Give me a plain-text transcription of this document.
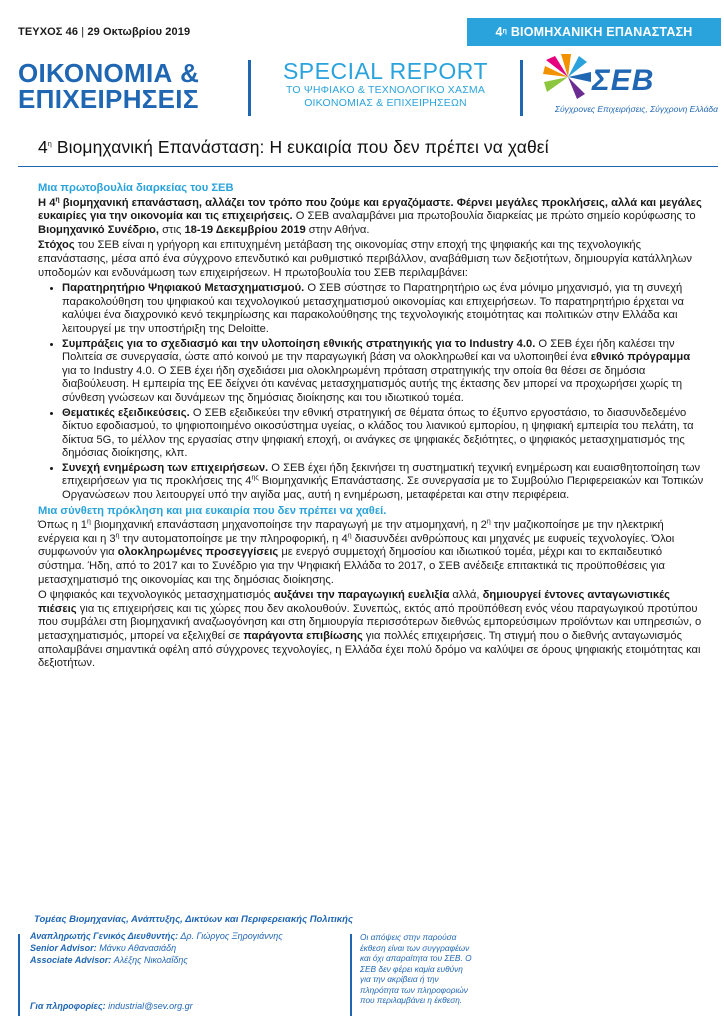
ΤΕΥΧΟΣ 46 | 29 Οκτωβρίου 2019	4 η
ΒΙΟΜΗΧΑΝΙΚΗ ΕΠΑΝΑΣΤΑΣΗ
ΟΙΚΟΝΟΜΙΑ &
ΕΠΙΧΕΙΡΗΣΕΙΣ
SPECIAL REPORT
ΤΟ ΨΗΦΙΑΚΟ & ΤΕΧΝΟΛΟΓΙΚΟ ΧΑΣΜΑ
ΟΙΚΟΝΟΜΙΑΣ & ΕΠΙΧΕΙΡΗΣΕΩΝ
ΣΕΒ
Σύγχρονες Επιχειρήσεις, Σύγχρονη Ελλάδα
$4^\eta$ Βιομηχανική Επανάσταση: Η ευκαιρία που δεν πρέπει να χαθεί
Μια πρωτοβουλία διαρκείας του ΣΕΒ

Η $4^\eta$ βιομηχανική επανάσταση, αλλάζει τον τρόπο που ζούμε και εργαζόμαστε. Φέρνει μεγάλες προκλήσεις, αλλά και μεγάλες ευκαιρίες για την οικονομία και τις επιχειρήσεις. Ο ΣΕΒ αναλαμβάνει μια πρωτοβουλία διαρκείας με πρώτο σημείο κορύφωσης το Βιομηχανικό Συνέδριο, στις 18-19 Δεκεμβρίου 2019 στην Αθήνα.

Στόχος του ΣΕΒ είναι η γρήγορη και επιτυχημένη μετάβαση της οικονομίας στην εποχή της ψηφιακής και της τεχνολογικής επανάστασης, μέσα από ένα σύγχρονο επενδυτικό και ρυθμιστικό περιβάλλον, αναβάθμιση των δεξιοτήτων, δημιουργία κατάλληλων υποδομών και ενδυνάμωση των επιχειρήσεων. Η πρωτοβουλία του ΣΕΒ περιλαμβάνει:

• Παρατηρητήριο Ψηφιακού Μετασχηματισμού. Ο ΣΕΒ σύστησε το Παρατηρητήριο ως ένα μόνιμο μηχανισμό, για τη συνεχή παρακολούθηση του ψηφιακού και τεχνολογικού μετασχηματισμού οικονομίας και επιχειρήσεων. Το παρατηρητήριο έρχεται να καλύψει ένα διαχρονικό κενό τεκμηρίωσης και παρακολούθησης της τεχνολογικής ετοιμότητας και πολιτικών στην Ελλάδα και λειτουργεί με την υποστήριξη της Deloitte.
• Συμπράξεις για το σχεδιασμό και την υλοποίηση εθνικής στρατηγικής για το Industry 4.0. Ο ΣΕΒ έχει ήδη καλέσει την Πολιτεία σε συνεργασία, ώστε από κοινού με την παραγωγική βάση να ολοκληρωθεί και να υλοποιηθεί ένα εθνικό πρόγραμμα για το Industry 4.0. Ο ΣΕΒ έχει ήδη σχεδιάσει μια ολοκληρωμένη πρόταση στρατηγικής την οποία θα θέσει σε δημόσια διαβούλευση. Η εμπειρία της ΕΕ δείχνει ότι κανένας μετασχηματισμός αυτής της έκτασης δεν μπορεί να προχωρήσει χωρίς τη σύνθεση γνώσεων και δυνάμεων της δημόσιας διοίκησης και του ιδιωτικού τομέα.
• Θεματικές εξειδικεύσεις. Ο ΣΕΒ εξειδικεύει την εθνική στρατηγική σε θέματα όπως το έξυπνο εργοστάσιο, το διασυνδεδεμένο δίκτυο εφοδιασμού, το ψηφιοποιημένο οικοσύστημα υγείας, ο κλάδος του λιανικού εμπορίου, η ψηφιακή εμπειρία του πελάτη, τα δίκτυα 5G, το μέλλον της εργασίας στην ψηφιακή εποχή, οι ανάγκες σε ψηφιακές δεξιότητες, ο ψηφιακός μετασχηματισμός της δημόσιας διοίκησης, κλπ.
• Συνεχή ενημέρωση των επιχειρήσεων. Ο ΣΕΒ έχει ήδη ξεκινήσει τη συστηματική τεχνική ενημέρωση και ευαισθητοποίηση των επιχειρήσεων για τις προκλήσεις της $4^{\eta\varsigma}$ Βιομηχανικής Επανάστασης. Σε συνεργασία με το Συμβούλιο Περιφερειακών και Τοπικών Οργανώσεων που λειτουργεί υπό την αιγίδα μας, αυτή η ενημέρωση, μεταφέρεται και στην περιφέρεια.
Μια σύνθετη πρόκληση και μια ευκαιρία που δεν πρέπει να χαθεί.

Όπως η $1^\eta$ βιομηχανική επανάσταση μηχανοποίησε την παραγωγή με την ατμομηχανή, η $2^\eta$ την μαζικοποίησε με την ηλεκτρική ενέργεια και η $3^\eta$ την αυτοματοποίησε με την πληροφορική, η $4^\eta$ διασυνδέει ανθρώπους και μηχανές με ευφυείς τεχνολογίες. Όλοι συμφωνούν για ολοκληρωμένες προσεγγίσεις με ενεργό συμμετοχή δημοσίου και ιδιωτικού τομέα, μέχρι και το εκπαιδευτικό σύστημα. Ήδη, από το 2017 και το Συνέδριο για την Ψηφιακή Ελλάδα το 2017, ο ΣΕΒ ανέδειξε επιτακτικά τις προϋποθέσεις για μετασχηματισμό της οικονομίας και της δημόσιας διοίκησης.

Ο ψηφιακός και τεχνολογικός μετασχηματισμός αυξάνει την παραγωγική ευελιξία αλλά, δημιουργεί έντονες ανταγωνιστικές πιέσεις για τις επιχειρήσεις και τις χώρες που δεν ακολουθούν. Συνεπώς, εκτός από προϋπόθεση ενός νέου παραγωγικού προτύπου που συμβάλει στη βιομηχανική αναζωογόνηση και στη δημιουργία περισσότερων διεθνώς εμπορεύσιμων προϊόντων και υπηρεσιών, ο μετασχηματισμός, μπορεί να εξελιχθεί σε παράγοντα επιβίωσης για πολλές επιχειρήσεις. Τη στιγμή που ο διεθνής ανταγωνισμός απολαμβάνει σημαντικά οφέλη από σύγχρονες τεχνολογίες, η Ελλάδα έχει πολύ δρόμο να καλύψει σε όρους ψηφιακής ετοιμότητας και δεξιοτήτων.

Τομέας Βιομηχανίας, Ανάπτυξης, Δικτύων και Περιφερειακής Πολιτικής
Αναπληρωτής Γενικός Διευθυντής: Δρ. Γιώργος Ξηρογιάννης
Senior Advisor: Μάνκυ Αθανασιάδη
Associate Advisor: Αλέξης Νικολαΐδης
Για πληροφορίες: industrial@sev.org.gr
Οι απόψεις στην παρούσα έκθεση είναι των συγγραφέων και όχι απαραίτητα του ΣΕΒ. Ο ΣΕΒ δεν φέρει καμία ευθύνη για την ακρίβεια ή την πληρότητα των πληροφοριών που περιλαμβάνει η έκθεση.
